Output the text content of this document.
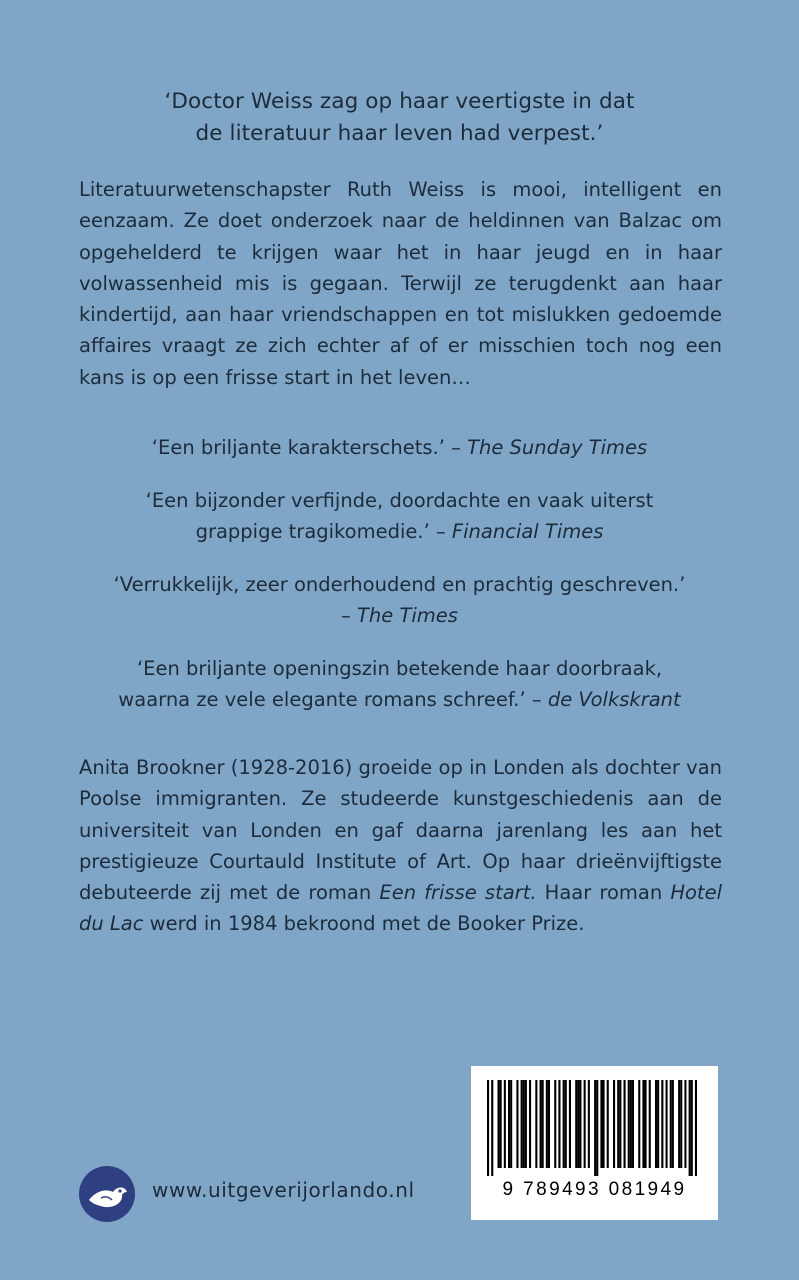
‘Doctor Weiss zag op haar veertigste in dat
de literatuur haar leven had verpest.’

Literatuurwetenschapster Ruth Weiss is mooi, intelligent en eenzaam. Ze doet onderzoek naar de heldinnen van Balzac om opgehelderd te krijgen waar het in haar jeugd en in haar volwassenheid mis is gegaan. Terwijl ze terugdenkt aan haar kindertijd, aan haar vriendschappen en tot mislukken gedoemde affaires vraagt ze zich echter af of er misschien toch nog een kans is op een frisse start in het leven…

‘Een briljante karakterschets.’ – The Sunday Times
‘Een bijzonder verfijnde, doordachte en vaak uiterst
grappige tragikomedie.’ – Financial Times
‘Verrukkelijk, zeer onderhoudend en prachtig geschreven.’
– The Times
‘Een briljante openingszin betekende haar doorbraak,
waarna ze vele elegante romans schreef.’ – de Volkskrant

Anita Brookner (1928-2016) groeide op in Londen als dochter van Poolse immigranten. Ze studeerde kunstgeschiedenis aan de universiteit van Londen en gaf daarna jarenlang les aan het prestigieuze Courtauld Institute of Art. Op haar drieënvijftigste debuteerde zij met de roman Een frisse start. Haar roman Hotel du Lac werd in 1984 bekroond met de Booker Prize.

www.uitgeverijorlando.nl	9 789493 081949
